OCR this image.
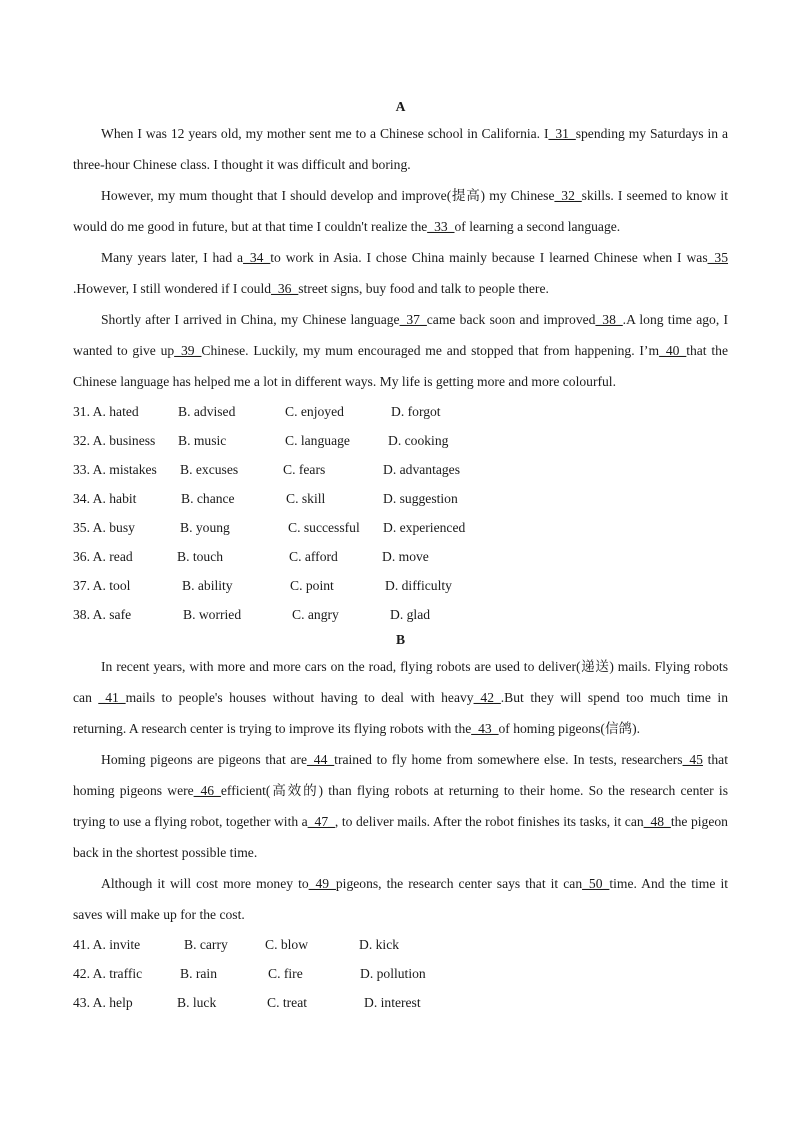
A

When I was 12 years old, my mother sent me to a Chinese school in California. I_31_spending my Saturdays in a three-hour Chinese class. I thought it was difficult and boring.

However, my mum thought that I should develop and improve(提高) my Chinese_32_skills. I seemed to know it would do me good in future, but at that time I couldn't realize the_33_of learning a second language.

Many years later, I had a_34_to work in Asia. I chose China mainly because I learned Chinese when I was_35 .However, I still wondered if I could_36_street signs, buy food and talk to people there.

Shortly after I arrived in China, my Chinese language_37_came back soon and improved_38_.A long time ago, I wanted to give up_39_Chinese. Luckily, my mum encouraged me and stopped that from happening. I’m_40_that the Chinese language has helped me a lot in different ways. My life is getting more and more colourful.

31. A. hated	B. advised	C. enjoyed	D. forgot
32. A. business B. music	C. language	D. cooking
33. A. mistakes B. excuses	C. fears	D. advantages
34. A. habit	B. chance	C. skill	D. suggestion
35. A. busy	B. young	C. successful D. experienced
36. A. read	B. touch	C. afford	D. move
37. A. tool	B. ability	C. point	D. difficulty
38. A. safe	B. worried	C. angry	D. glad
B

In recent years, with more and more cars on the road, flying robots are used to deliver(递送) mails. Flying robots can _41_mails to people's houses without having to deal with heavy_42_.But they will spend too much time in returning. A research center is trying to improve its flying robots with the_43_of homing pigeons(信鸽).

Homing pigeons are pigeons that are_44_trained to fly home from somewhere else. In tests, researchers_45 that homing pigeons were_46_efficient(高效的) than flying robots at returning to their home. So the research center is trying to use a flying robot, together with a_47_, to deliver mails. After the robot finishes its tasks, it can_48_the pigeon back in the shortest possible time.

Although it will cost more money to_49_pigeons, the research center says that it can_50_time. And the time it saves will make up for the cost.

41. A. invite	B. carry	C. blow	D. kick
42. A. traffic	B. rain	C. fire	D. pollution
43. A. help	B. luck	C. treat	D. interest
